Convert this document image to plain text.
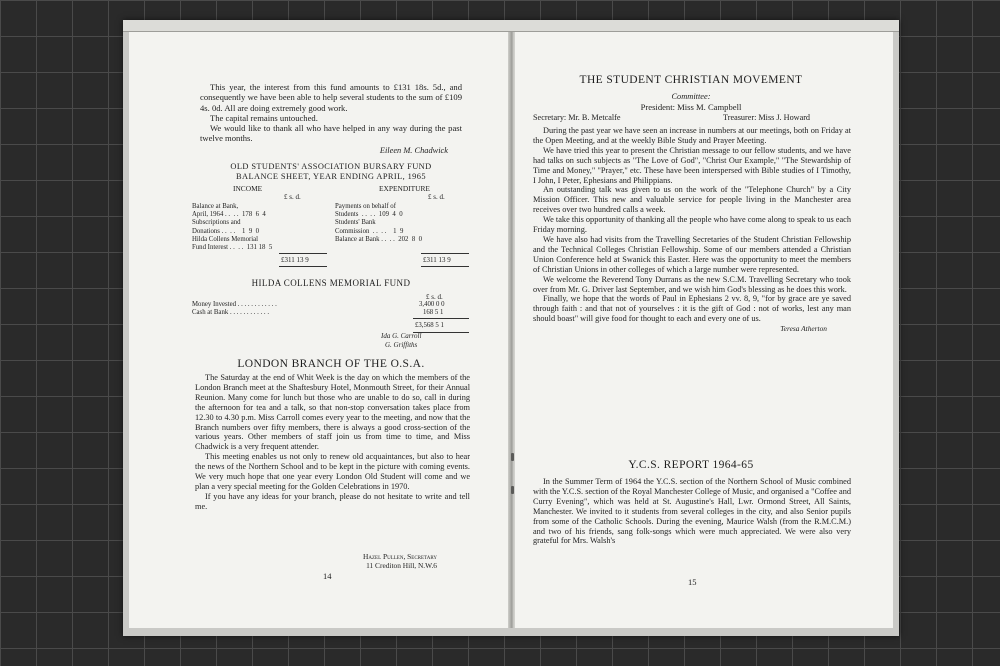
This year, the interest from this fund amounts to £131 18s. 5d., and consequently we have been able to help several students to the sum of £109 4s. 0d. All are doing extremely good work.

The capital remains untouched.

We would like to thank all who have helped in any way during the past twelve months.

Eileen M. Chadwick

OLD STUDENTS' ASSOCIATION BURSARY FUND
BALANCE SHEET, YEAR ENDING APRIL, 1965
INCOME	EXPENDITURE
£ s. d.	£ s. d.
Balance at Bank,
April, 1964 . .  . .  178  6  4
Subscriptions and
Donations . .  . .    1  9  0
Hilda Collens Memorial
Fund Interest . .  . .  131 18  5
Payments on behalf of
Students  . .  . .  109  4  0
Students' Bank
Commission  . .  . .    1  9
Balance at Bank . .  . .  202  8  0
£311 13 9	£311 13 9
HILDA COLLENS MEMORIAL FUND
£ s. d.
Money Invested . . . . . . . . . . . .	3,400 0 0
Cash at Bank . . . . . . . . . . . .	168 5 1
£3,568 5 1
Ida G. Carroll
G. Griffiths
LONDON BRANCH OF THE O.S.A.

The Saturday at the end of Whit Week is the day on which the members of the London Branch meet at the Shaftesbury Hotel, Monmouth Street, for their Annual Reunion. Many come for lunch but those who are unable to do so, call in during the afternoon for tea and a talk, so that non-stop conversation takes place from 12.30 to 4.30 p.m. Miss Carroll comes every year to the meeting, and now that the Branch numbers over fifty members, there is always a good cross-section of the various years. Other members of staff join us from time to time, and Miss Chadwick is a very frequent attender.

This meeting enables us not only to renew old acquaintances, but also to hear the news of the Northern School and to be kept in the picture with coming events. We very much hope that one year every London Old Student will come and we plan a very special meeting for the Golden Celebrations in 1970.

If you have any ideas for your branch, please do not hesitate to write and tell me.

Hazel Pullen, Secretary
11 Crediton Hill, N.W.6
14
THE STUDENT CHRISTIAN MOVEMENT
Committee:
President: Miss M. Campbell
Secretary: Mr. B. Metcalfe	Treasurer: Miss J. Howard

During the past year we have seen an increase in numbers at our meetings, both on Friday at the Open Meeting, and at the weekly Bible Study and Prayer Meeting.

We have tried this year to present the Christian message to our fellow students, and we have had talks on such subjects as "The Love of God", "Christ Our Example," "The Stewardship of Time and Money," "Prayer," etc. These have been interspersed with Bible studies of I Timothy, I John, I Peter, Ephesians and Philippians.

An outstanding talk was given to us on the work of the "Telephone Church" by a City Mission Officer. This new and valuable service for people living in the Manchester area receives over two hundred calls a week.

We take this opportunity of thanking all the people who have come along to speak to us each Friday morning.

We have also had visits from the Travelling Secretaries of the Student Christian Fellowship and the Technical Colleges Christian Fellowship. Some of our members attended a Christian Union Conference held at Swanick this Easter. Here was the opportunity to meet the members of Christian Unions in other colleges of which a large number were represented.

We welcome the Reverend Tony Durrans as the new S.C.M. Travelling Secretary who took over from Mr. G. Driver last September, and we wish him God's blessing as he does this work.

Finally, we hope that the words of Paul in Ephesians 2 vv. 8, 9, "for by grace are ye saved through faith : and that not of yourselves : it is the gift of God : not of works, lest any man should boast" will give food for thought to each and every one of us.

Teresa Atherton

Y.C.S. REPORT 1964-65

In the Summer Term of 1964 the Y.C.S. section of the Northern School of Music combined with the Y.C.S. section of the Royal Manchester College of Music, and organised a "Coffee and Curry Evening", which was held at St. Augustine's Hall, Lwr. Ormond Street, All Saints, Manchester. We invited to it students from several colleges in the city, and also Senior pupils from some of the Catholic Schools. During the evening, Maurice Walsh (from the R.M.C.M.) and two of his friends, sang folk-songs which were much appreciated. We were also very grateful for Mrs. Walsh's

15
